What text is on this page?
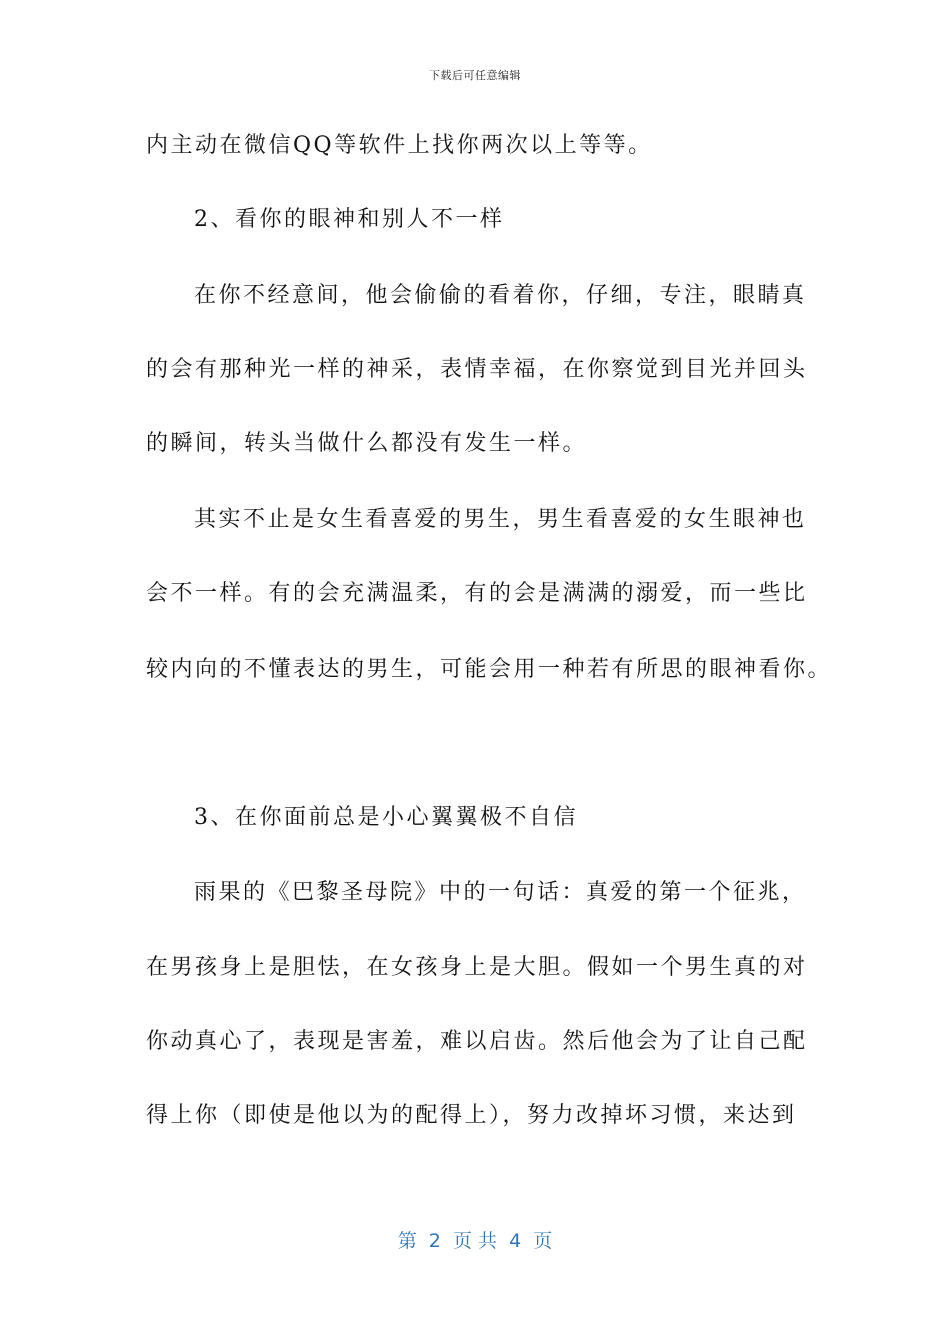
下载后可任意编辑
内主动在微信QQ等软件上找你两次以上等等。
2、看你的眼神和别人不一样
在你不经意间，他会偷偷的看着你，仔细，专注，眼睛真
的会有那种光一样的神采，表情幸福，在你察觉到目光并回头
的瞬间，转头当做什么都没有发生一样。
其实不止是女生看喜爱的男生，男生看喜爱的女生眼神也
会不一样。有的会充满温柔，有的会是满满的溺爱，而一些比
较内向的不懂表达的男生，可能会用一种若有所思的眼神看你。
3、在你面前总是小心翼翼极不自信
雨果的《巴黎圣母院》中的一句话：真爱的第一个征兆，
在男孩身上是胆怯，在女孩身上是大胆。假如一个男生真的对
你动真心了，表现是害羞，难以启齿。然后他会为了让自己配
得上你（即使是他以为的配得上），努力改掉坏习惯，来达到
第  2  页 共  4  页
